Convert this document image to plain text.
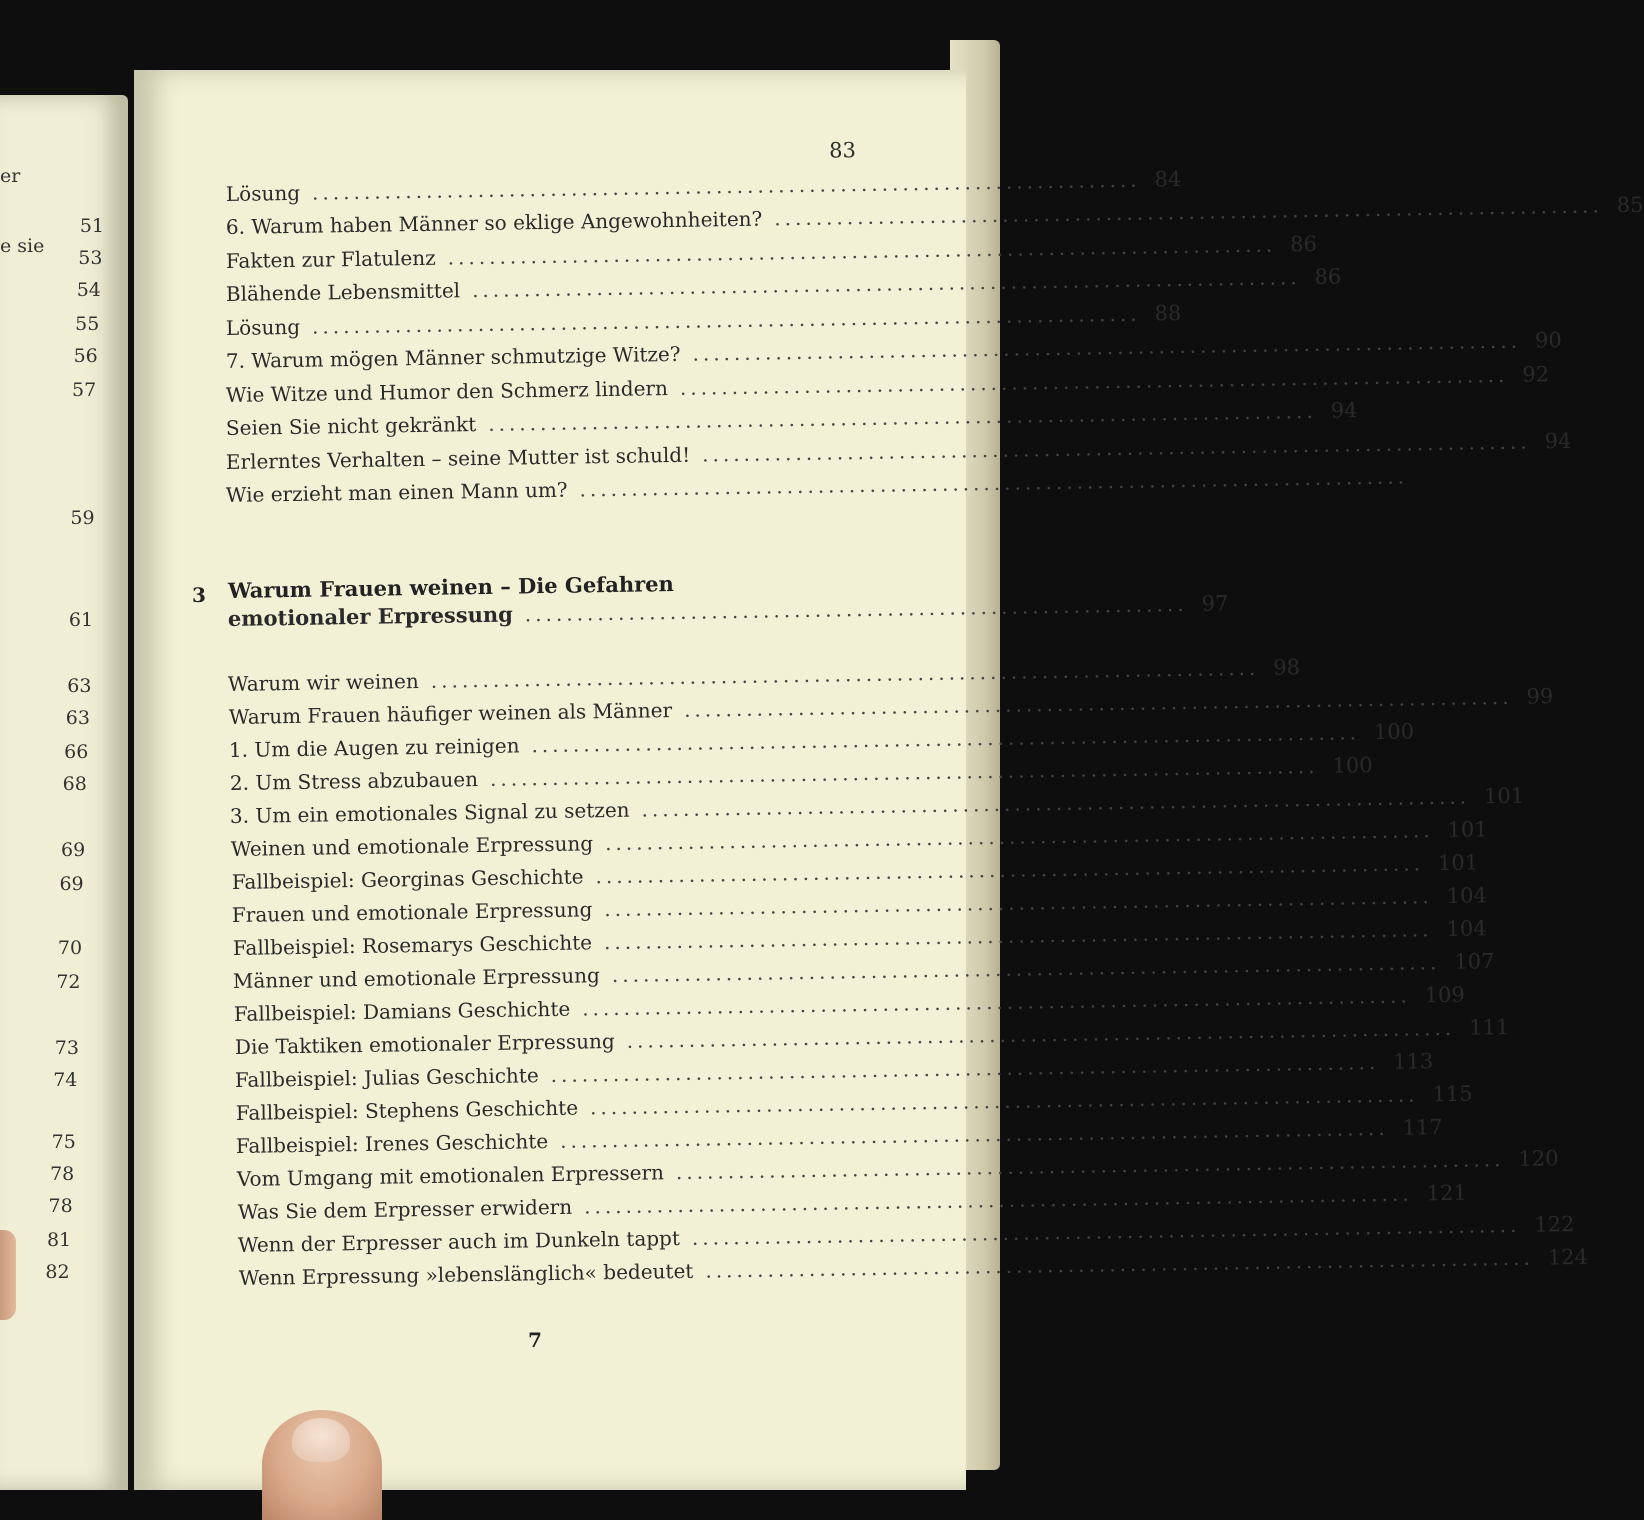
er
e sie
51
53
54
55
56
57
59
61
63
63
66
68
69
69
70
72
73
74
75
78
78
81
82
83
Lösung ................................................................................ 84
6. Warum haben Männer so eklige Angewohnheiten? ................................................................................ 85
Fakten zur Flatulenz ................................................................................ 86
Blähende Lebensmittel ................................................................................ 86
Lösung ................................................................................ 88
7. Warum mögen Männer schmutzige Witze? ................................................................................ 90
Wie Witze und Humor den Schmerz lindern ................................................................................ 92
Seien Sie nicht gekränkt ................................................................................ 94
Erlerntes Verhalten – seine Mutter ist schuld! ................................................................................ 94
Wie erzieht man einen Mann um? ................................................................................
3 Warum Frauen weinen – Die Gefahren
emotionaler Erpressung ................................................................ 97
Warum wir weinen ................................................................................ 98
Warum Frauen häufiger weinen als Männer ................................................................................ 99
1. Um die Augen zu reinigen ................................................................................ 100
2. Um Stress abzubauen ................................................................................ 100
3. Um ein emotionales Signal zu setzen ................................................................................ 101
Weinen und emotionale Erpressung ................................................................................ 101
Fallbeispiel: Georginas Geschichte ................................................................................ 101
Frauen und emotionale Erpressung ................................................................................ 104
Fallbeispiel: Rosemarys Geschichte ................................................................................ 104
Männer und emotionale Erpressung ................................................................................ 107
Fallbeispiel: Damians Geschichte ................................................................................ 109
Die Taktiken emotionaler Erpressung ................................................................................ 111
Fallbeispiel: Julias Geschichte ................................................................................ 113
Fallbeispiel: Stephens Geschichte ................................................................................ 115
Fallbeispiel: Irenes Geschichte ................................................................................ 117
Vom Umgang mit emotionalen Erpressern ................................................................................ 120
Was Sie dem Erpresser erwidern ................................................................................ 121
Wenn der Erpresser auch im Dunkeln tappt ................................................................................ 122
Wenn Erpressung »lebenslänglich« bedeutet ................................................................................ 124
7
